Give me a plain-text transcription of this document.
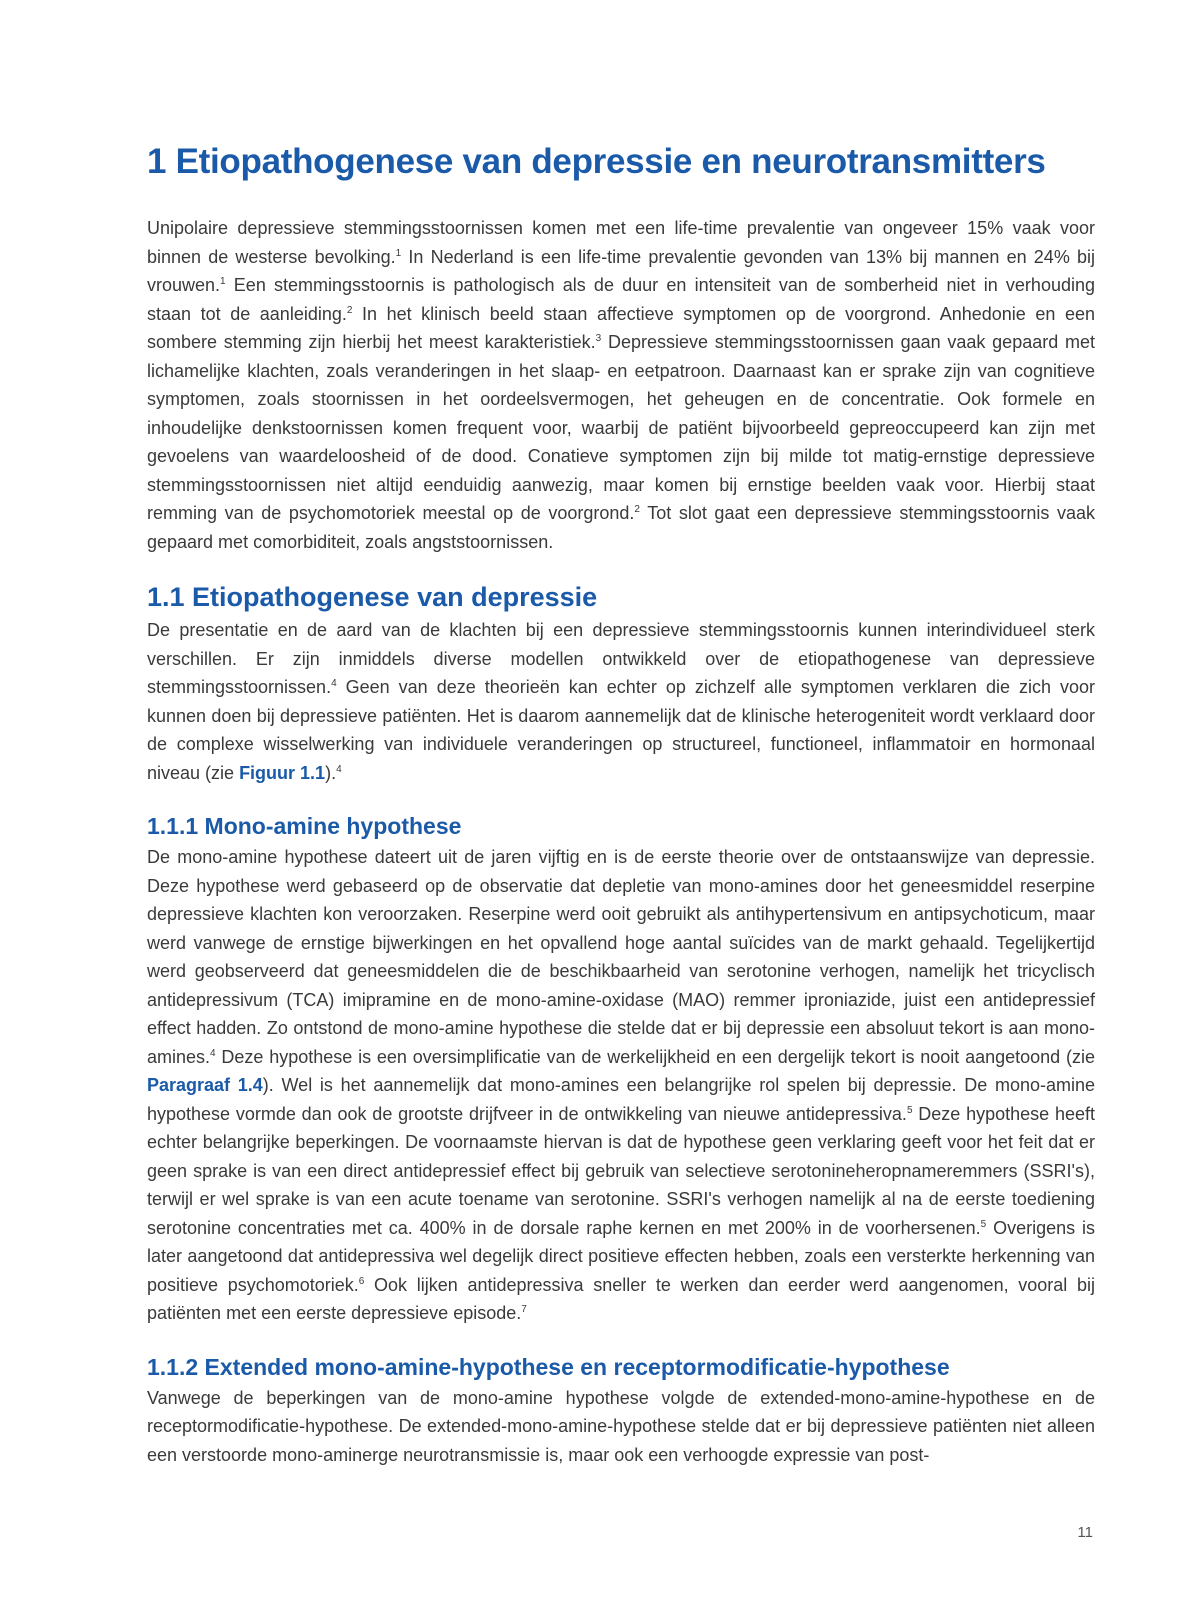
1 Etiopathogenese van depressie en neurotransmitters

Unipolaire depressieve stemmingsstoornissen komen met een life-time prevalentie van ongeveer 15% vaak voor binnen de westerse bevolking.$^1$ In Nederland is een life-time prevalentie gevonden van 13% bij mannen en 24% bij vrouwen.$^1$ Een stemmingsstoornis is pathologisch als de duur en intensiteit van de somberheid niet in verhouding staan tot de aanleiding.$^2$ In het klinisch beeld staan affectieve symptomen op de voorgrond. Anhedonie en een sombere stemming zijn hierbij het meest karakteristiek.$^3$ Depressieve stemmingsstoornissen gaan vaak gepaard met lichamelijke klachten, zoals veranderingen in het slaap- en eetpatroon. Daarnaast kan er sprake zijn van cognitieve symptomen, zoals stoornissen in het oordeelsvermogen, het geheugen en de concentratie. Ook formele en inhoudelijke denkstoornissen komen frequent voor, waarbij de patiënt bijvoorbeeld gepreoccupeerd kan zijn met gevoelens van waardeloosheid of de dood. Conatieve symptomen zijn bij milde tot matig-ernstige depressieve stemmingsstoornissen niet altijd eenduidig aanwezig, maar komen bij ernstige beelden vaak voor. Hierbij staat remming van de psychomotoriek meestal op de voorgrond.$^2$ Tot slot gaat een depressieve stemmingsstoornis vaak gepaard met comorbiditeit, zoals angststoornissen.

1.1 Etiopathogenese van depressie

De presentatie en de aard van de klachten bij een depressieve stemmingsstoornis kunnen interindividueel sterk verschillen. Er zijn inmiddels diverse modellen ontwikkeld over de etiopathogenese van depressieve stemmingsstoornissen.$^4$ Geen van deze theorieën kan echter op zichzelf alle symptomen verklaren die zich voor kunnen doen bij depressieve patiënten. Het is daarom aannemelijk dat de klinische heterogeniteit wordt verklaard door de complexe wisselwerking van individuele veranderingen op structureel, functioneel, inflammatoir en hormonaal niveau (zie Figuur 1.1).$^4$

1.1.1 Mono-amine hypothese

De mono-amine hypothese dateert uit de jaren vijftig en is de eerste theorie over de ontstaanswijze van depressie. Deze hypothese werd gebaseerd op de observatie dat depletie van mono-amines door het geneesmiddel reserpine depressieve klachten kon veroorzaken. Reserpine werd ooit gebruikt als antihypertensivum en antipsychoticum, maar werd vanwege de ernstige bijwerkingen en het opvallend hoge aantal suïcides van de markt gehaald. Tegelijkertijd werd geobserveerd dat geneesmiddelen die de beschikbaarheid van serotonine verhogen, namelijk het tricyclisch antidepressivum (TCA) imipramine en de mono-amine-oxidase (MAO) remmer iproniazide, juist een antidepressief effect hadden. Zo ontstond de mono-amine hypothese die stelde dat er bij depressie een absoluut tekort is aan mono-amines.$^4$ Deze hypothese is een oversimplificatie van de werkelijkheid en een dergelijk tekort is nooit aangetoond (zie Paragraaf 1.4). Wel is het aannemelijk dat mono-amines een belangrijke rol spelen bij depressie. De mono-amine hypothese vormde dan ook de grootste drijfveer in de ontwikkeling van nieuwe antidepressiva.$^5$ Deze hypothese heeft echter belangrijke beperkingen. De voornaamste hiervan is dat de hypothese geen verklaring geeft voor het feit dat er geen sprake is van een direct antidepressief effect bij gebruik van selectieve serotonineheropnameremmers (SSRI's), terwijl er wel sprake is van een acute toename van serotonine. SSRI's verhogen namelijk al na de eerste toediening serotonine concentraties met ca. 400% in de dorsale raphe kernen en met 200% in de voorhersenen.$^5$ Overigens is later aangetoond dat antidepressiva wel degelijk direct positieve effecten hebben, zoals een versterkte herkenning van positieve psychomotoriek.$^6$ Ook lijken antidepressiva sneller te werken dan eerder werd aangenomen, vooral bij patiënten met een eerste depressieve episode.$^7$

1.1.2 Extended mono-amine-hypothese en receptormodificatie-hypothese

Vanwege de beperkingen van de mono-amine hypothese volgde de extended-mono-amine-hypothese en de receptormodificatie-hypothese. De extended-mono-amine-hypothese stelde dat er bij depressieve patiënten niet alleen een verstoorde mono-aminerge neurotransmissie is, maar ook een verhoogde expressie van post-

11
